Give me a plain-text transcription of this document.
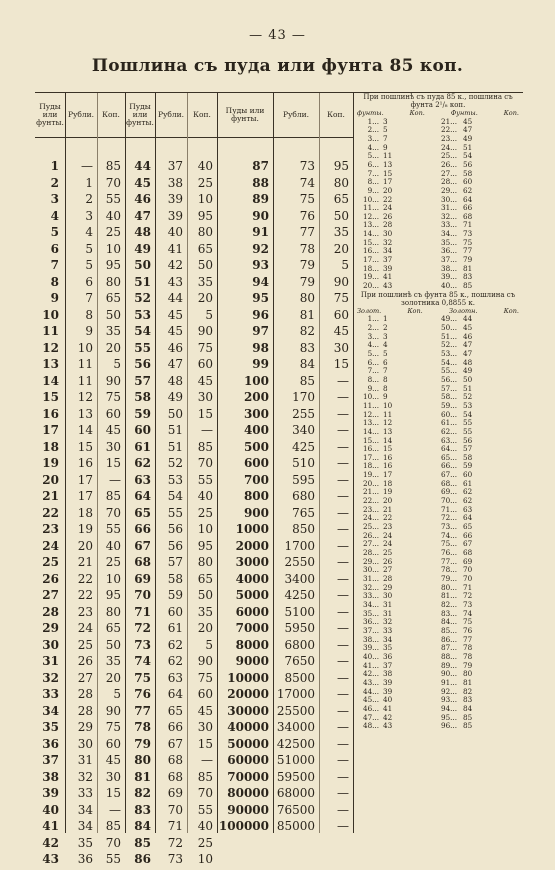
— 43 —
Пошлина съ пуда или фунта 85 коп.
Пуды или фунты.
Рубли.	Коп.
Пуды или фунты.
Рубли.	Коп.	Пуды или фунты.	Рубли.	Коп.
При пошлинѣ съ пуда 85 к., пошлина съ фунта 2¹/₈ коп.
фунты.	Коп.	Фунты.	Коп.
1... 3	21... 45
2... 5	22... 47
3... 7	23... 49
4... 9	24... 51
5... 11	25... 54
6... 13	26... 56
7... 15	27... 58
8... 17	28... 60
9... 20	29... 62
10... 22	30... 64
11... 24	31... 66
12... 26	32... 68
13... 28	33... 71
14... 30	34... 73
15... 32	35... 75
16... 34	36... 77
17... 37	37... 79
18... 39	38... 81
19... 41	39... 83
20... 43	40... 85
При пошлинѣ съ фунта 85 к., пошлина съ золотника 0,8855 к.
Золот.	Коп.	Золотн.	Коп.
1... 1	49... 44
2... 2	50... 45
3... 3	51... 46
4... 4	52... 47
5... 5	53... 47
6... 6	54... 48
7... 7	55... 49
8... 8	56... 50
9... 8	57... 51
10... 9	58... 52
11... 10	59... 53
12... 11	60... 54
13... 12	61... 55
14... 13	62... 55
15... 14	63... 56
16... 15	64... 57
17... 16	65... 58
18... 16	66... 59
19... 17	67... 60
20... 18	68... 61
21... 19	69... 62
22... 20	70... 62
23... 21	71... 63
24... 22	72... 64
25... 23	73... 65
26... 24	74... 66
27... 24	75... 67
28... 25	76... 68
29... 26	77... 69
30... 27	78... 70
31... 28	79... 70
32... 29	80... 71
33... 30	81... 72
34... 31	82... 73
35... 31	83... 74
36... 32	84... 75
37... 33	85... 76
38... 34	86... 77
39... 35	87... 78
40... 36	88... 78
41... 37	89... 79
42... 38	90... 80
43... 39	91... 81
44... 39	92... 82
45... 40	93... 83
46... 41	94... 84
47... 42	95... 85
48... 43	96... 85
1	—	85
2	1	70
3	2	55
4	3	40
5	4	25
6	5	10
7	5	95
8	6	80
9	7	65
10	8	50
11	9	35
12	10	20
13	11	5
14	11	90
15	12	75
16	13	60
17	14	45
18	15	30
19	16	15
20	17	—
21	17	85
22	18	70
23	19	55
24	20	40
25	21	25
26	22	10
27	22	95
28	23	80
29	24	65
30	25	50
31	26	35
32	27	20
33	28	5
34	28	90
35	29	75
36	30	60
37	31	45
38	32	30
39	33	15
40	34	—
41	34	85
42	35	70
43	36	55
44	37	40
45	38	25
46	39	10
47	39	95
48	40	80
49	41	65
50	42	50
51	43	35
52	44	20
53	45	5
54	45	90
55	46	75
56	47	60
57	48	45
58	49	30
59	50	15
60	51	—
61	51	85
62	52	70
63	53	55
64	54	40
65	55	25
66	56	10
67	56	95
68	57	80
69	58	65
70	59	50
71	60	35
72	61	20
73	62	5
74	62	90
75	63	75
76	64	60
77	65	45
78	66	30
79	67	15
80	68	—
81	68	85
82	69	70
83	70	55
84	71	40
85	72	25
86	73	10
87	73	95
88	74	80
89	75	65
90	76	50
91	77	35
92	78	20
93	79	5
94	79	90
95	80	75
96	81	60
97	82	45
98	83	30
99	84	15
100	85	—
200	170	—
300	255	—
400	340	—
500	425	—
600	510	—
700	595	—
800	680	—
900	765	—
1000	850	—
2000	1700	—
3000	2550	—
4000	3400	—
5000	4250	—
6000	5100	—
7000	5950	—
8000	6800	—
9000	7650	—
10000	8500	—
20000 17000	—
30000 25500	—
40000 34000	—
50000 42500	—
60000 51000	—
70000 59500	—
80000 68000	—
90000 76500	—
100000 85000	—
